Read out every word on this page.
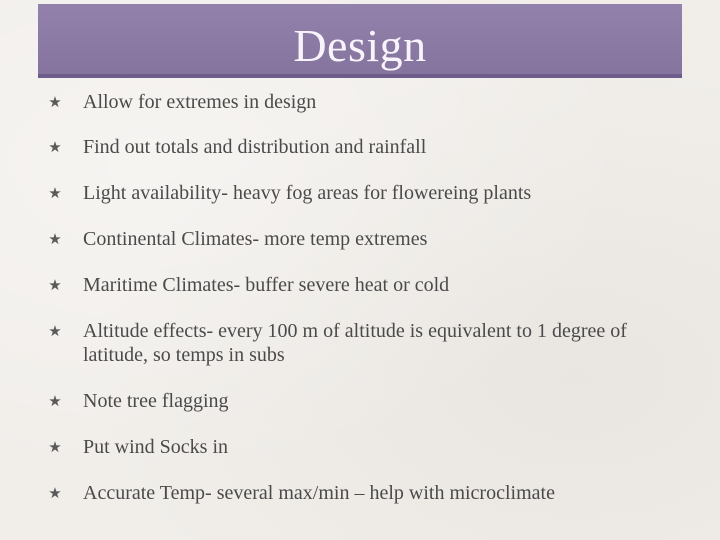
Design
★ Allow for extremes in design
★ Find out totals and distribution and rainfall
★ Light availability- heavy fog areas for flowereing plants
★ Continental Climates- more temp extremes
★ Maritime Climates- buffer severe heat or cold
★ Altitude effects- every 100 m of altitude is equivalent to 1 degree of latitude, so temps in subs
★ Note tree flagging
★ Put wind Socks in
★ Accurate Temp- several max/min – help with microclimate
